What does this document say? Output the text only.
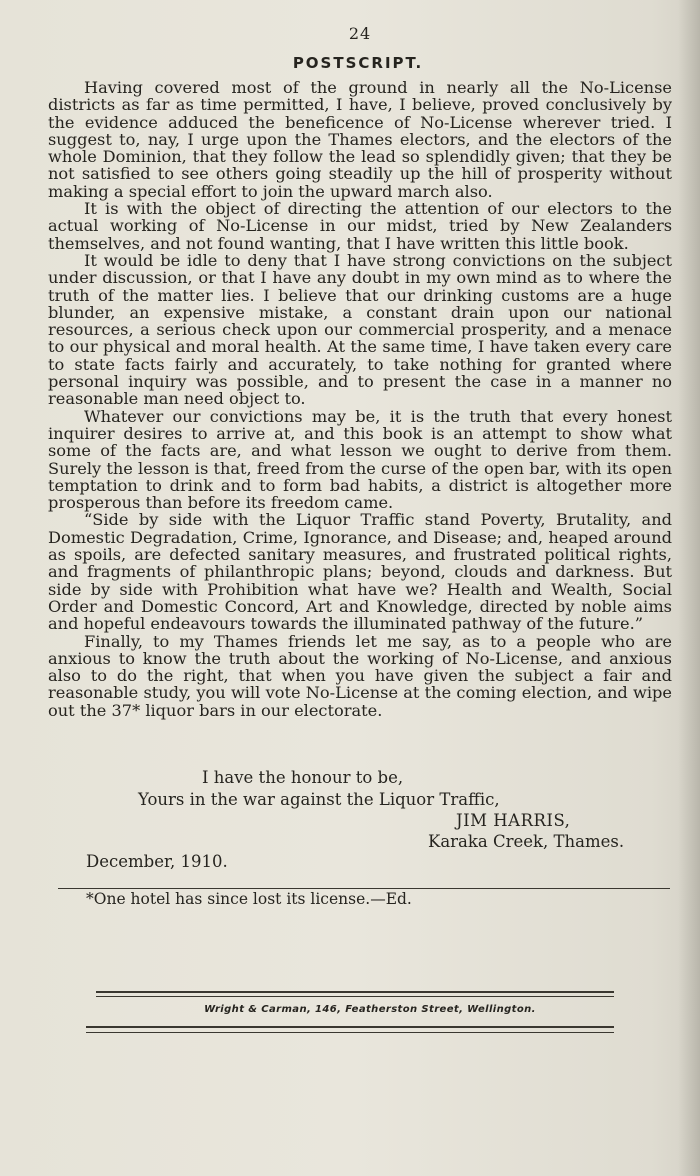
24
POSTSCRIPT.

Having covered most of the ground in nearly all the No-License districts as far as time permitted, I have, I believe, proved conclusively by the evidence adduced the beneficence of No-License wherever tried. I suggest to, nay, I urge upon the Thames electors, and the electors of the whole Dominion, that they follow the lead so splendidly given; that they be not satisfied to see others going steadily up the hill of prosperity without making a special effort to join the upward march also.

It is with the object of directing the attention of our electors to the actual working of No-License in our midst, tried by New Zealanders themselves, and not found wanting, that I have written this little book.

It would be idle to deny that I have strong convictions on the subject under discussion, or that I have any doubt in my own mind as to where the truth of the matter lies. I believe that our drinking customs are a huge blunder, an expensive mistake, a constant drain upon our national resources, a serious check upon our commercial prosperity, and a menace to our physical and moral health. At the same time, I have taken every care to state facts fairly and accurately, to take nothing for granted where personal inquiry was possible, and to present the case in a manner no reasonable man need object to.

Whatever our convictions may be, it is the truth that every honest inquirer desires to arrive at, and this book is an attempt to show what some of the facts are, and what lesson we ought to derive from them. Surely the lesson is that, freed from the curse of the open bar, with its open temptation to drink and to form bad habits, a district is altogether more prosperous than before its freedom came.

“Side by side with the Liquor Traffic stand Poverty, Brutality, and Domestic Degradation, Crime, Ignorance, and Disease; and, heaped around as spoils, are defected sanitary measures, and frustrated political rights, and fragments of philanthropic plans; beyond, clouds and darkness. But side by side with Prohibition what have we? Health and Wealth, Social Order and Domestic Concord, Art and Knowledge, directed by noble aims and hopeful endeavours towards the illuminated pathway of the future.”

Finally, to my Thames friends let me say, as to a people who are anxious to know the truth about the working of No-License, and anxious also to do the right, that when you have given the subject a fair and reasonable study, you will vote No-License at the coming election, and wipe out the 37* liquor bars in our electorate.

I have the honour to be,
Yours in the war against the Liquor Traffic,
JIM HARRIS,
Karaka Creek, Thames.
December, 1910.
*One hotel has since lost its license.—Ed.
Wright & Carman, 146, Featherston Street, Wellington.
